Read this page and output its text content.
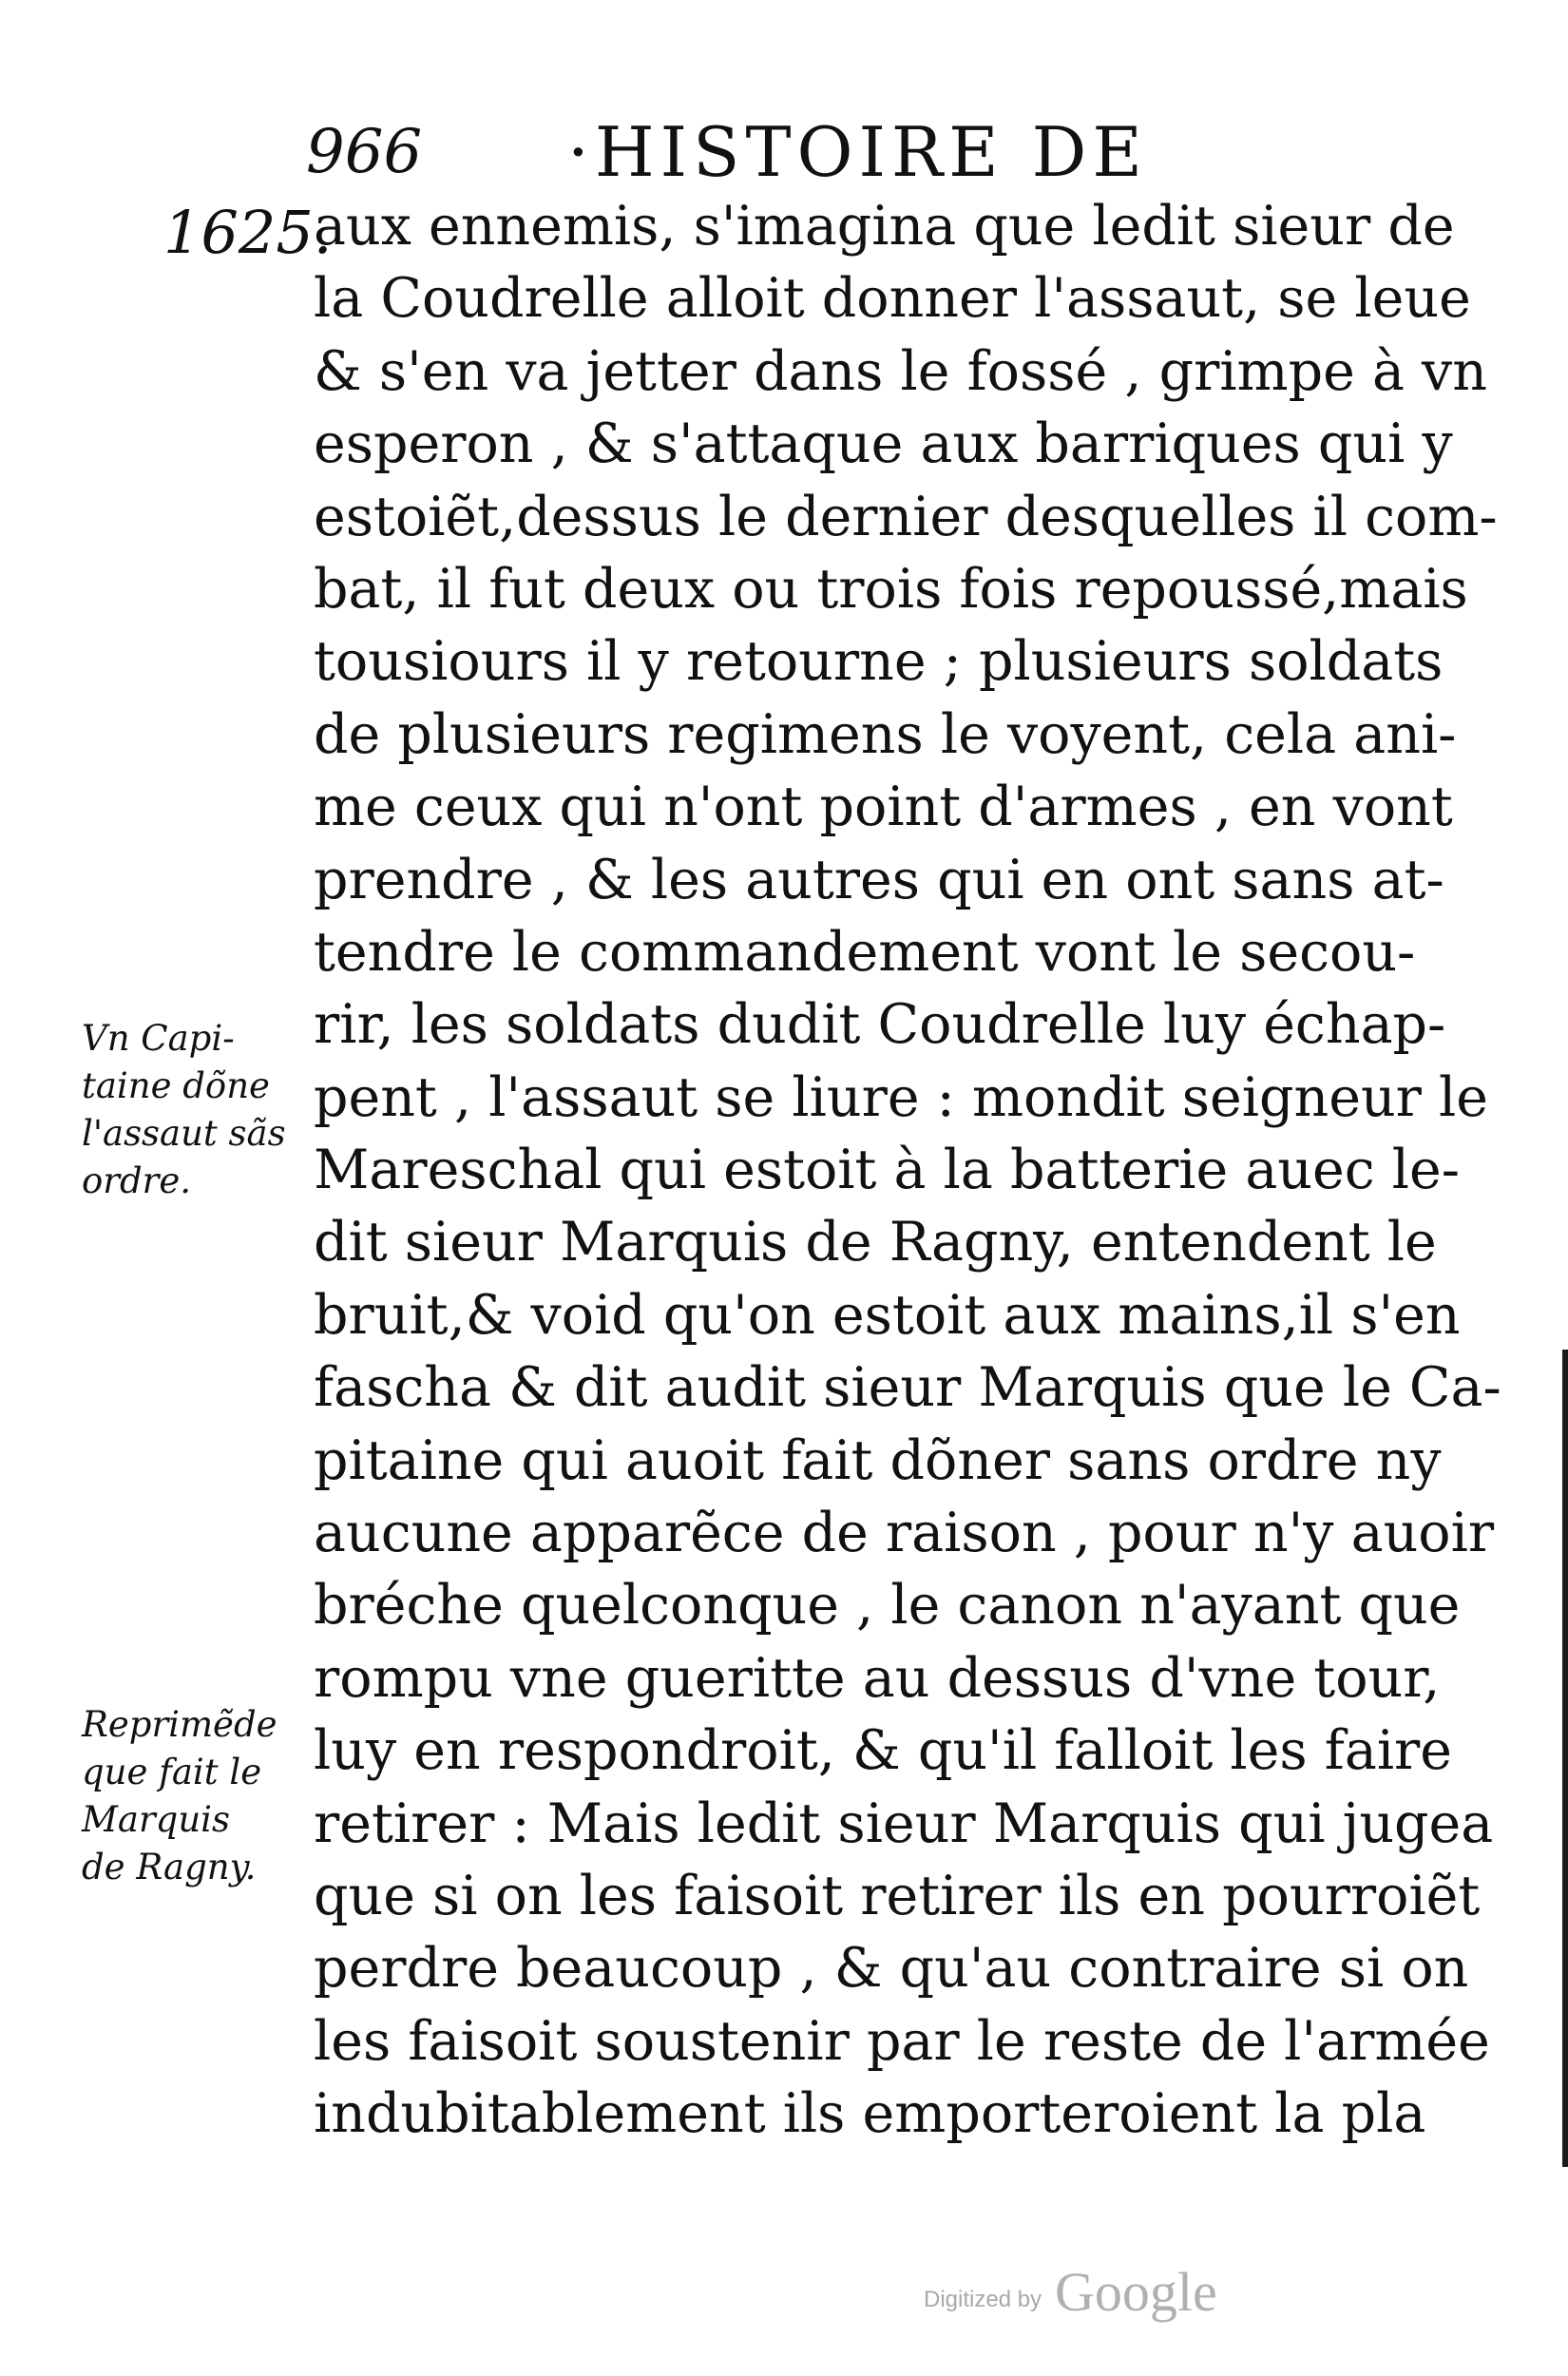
966 ·HISTOIRE DE
1625.
Vn Capi-
taine dõne
l'assaut sãs
ordre.
Reprimẽde
que fait le
Marquis
de Ragny.
aux ennemis, s'imagina que ledit sieur de
la Coudrelle alloit donner l'assaut, se leue
& s'en va jetter dans le fossé , grimpe à vn
esperon , & s'attaque aux barriques qui y
estoiẽt,dessus le dernier desquelles il com-
bat, il fut deux ou trois fois repoussé,mais
tousiours il y retourne ; plusieurs soldats
de plusieurs regimens le voyent, cela ani-
me ceux qui n'ont point d'armes , en vont
prendre , & les autres qui en ont sans at-
tendre le commandement vont le secou-
rir, les soldats dudit Coudrelle luy échap-
pent , l'assaut se liure : mondit seigneur le
Mareschal qui estoit à la batterie auec le-
dit sieur Marquis de Ragny, entendent le
bruit,& void qu'on estoit aux mains,il s'en
fascha & dit audit sieur Marquis que le Ca-
pitaine qui auoit fait dõner sans ordre ny
aucune apparẽce de raison , pour n'y auoir
bréche quelconque , le canon n'ayant que
rompu vne gueritte au dessus d'vne tour,
luy en respondroit, & qu'il falloit les faire
retirer : Mais ledit sieur Marquis qui jugea
que si on les faisoit retirer ils en pourroiẽt
perdre beaucoup , & qu'au contraire si on
les faisoit soustenir par le reste de l'armée
indubitablement ils emporteroient la pla
Digitized by Google
